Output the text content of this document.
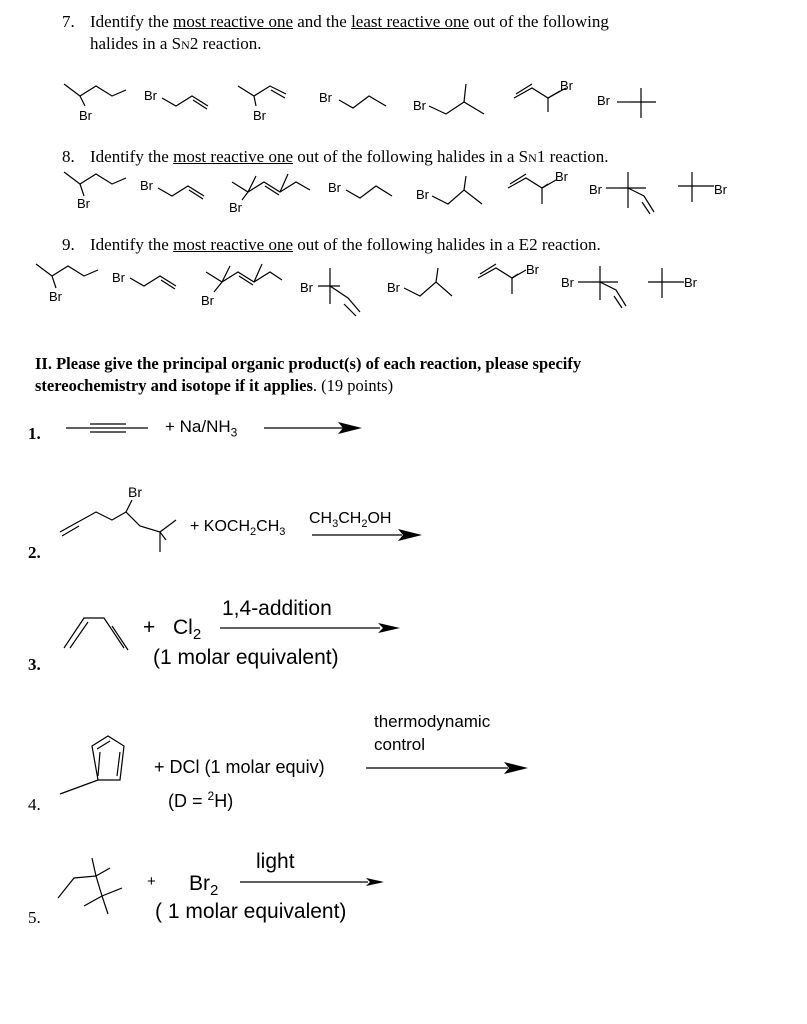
7. Identify the most reactive one and the least reactive one out of the following
halides in a SN2 reaction.
Br
Br
Br
Br
Br
Br
Br
8. Identify the most reactive one out of the following halides in a SN1 reaction.
Br
Br
Br
Br	Br
Br
Br	Br
9. Identify the most reactive one out of the following halides in a E2 reaction.
Br
Br
Br
Br	Br
Br
Br	Br
II. Please give the principal organic product(s) of each reaction, please specify
stereochemistry and isotope if it applies. (19 points)
1.	+ $Na/NH_3$
2.
Br
+ $KOCH_2CH_3$
$CH_3CH_2OH$
3.
+ $Cl_2$
1,4-addition
(1 molar equivalent)
4.
thermodynamic
control
+ DCl (1 molar equiv)
(D = $^2$H)
5.
+ $Br_2$
light
( 1 molar equivalent)
